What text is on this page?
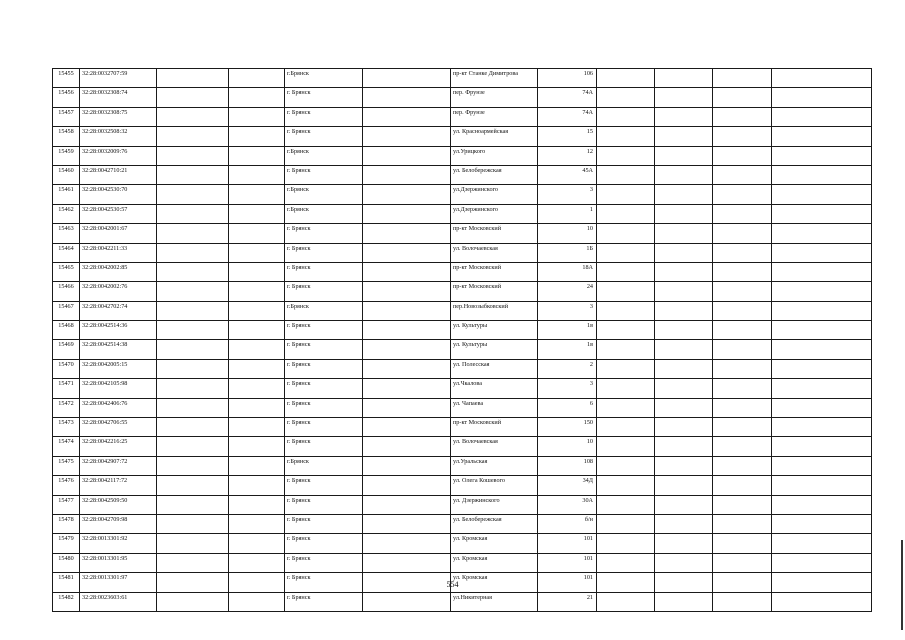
15455	32:28:0032707:59			г.Брянск		пр-кт Станке Димитрова	106				
15456	32:28:0032308:74			г. Брянск		пер. Фрунзе	74А				
15457	32:28:0032308:75			г. Брянск		пер. Фрунзе	74А				
15458	32:28:0032508:32			г. Брянск		ул. Красноармейская	15				
15459	32:28:0032009:76			г.Брянск		ул.Урицкого	12				
15460	32:28:0042710:21			г. Брянск		ул. Белобережская	45А				
15461	32:28:0042530:70			г.Брянск		ул.Дзержинского	3				
15462	32:28:0042530:57			г.Брянск		ул.Дзержинского	1				
15463	32:28:0042001:67			г. Брянск		пр-кт Московский	10				
15464	32:28:0042211:33			г. Брянск		ул. Волочаевская	1Б				
15465	32:28:0042002:85			г. Брянск		пр-кт Московский	18А				
15466	32:28:0042002:76			г. Брянск		пр-кт Московский	24				
15467	32:28:0042702:74			г.Брянск		пер.Новозыбковский	3				
15468	32:28:0042514:36			г. Брянск		ул. Культуры	1в				
15469	32:28:0042514:38			г. Брянск		ул. Культуры	1в				
15470	32:28:0042005:15			г. Брянск		ул. Полесская	2				
15471	32:28:0042105:98			г. Брянск		ул.Чкалова	3				
15472	32:28:0042406:76			г. Брянск		ул. Чапаева	6				
15473	32:28:0042706:55			г. Брянск		пр-кт Московский	150				
15474	32:28:0042216:25			г. Брянск		ул. Волочаевская	10				
15475	32:28:0042907:72			г.Брянск		ул.Уральская	108				
15476	32:28:0042117:72			г. Брянск		ул. Олега Кошевого	34Д				
15477	32:28:0042509:50			г. Брянск		ул. Дзержинского	30А				
15478	32:28:0042709:98			г. Брянск		ул. Белобережская	б/н				
15479	32:28:0013301:92			г. Брянск		ул. Кромская	101				
15480	32:28:0013301:95			г. Брянск		ул. Кромская	101				
15481	32:28:0013301:97			г. Брянск		ул. Кромская	101				
15482	32:28:0023603:61			г. Брянск		ул.Никитерная	21				
554
